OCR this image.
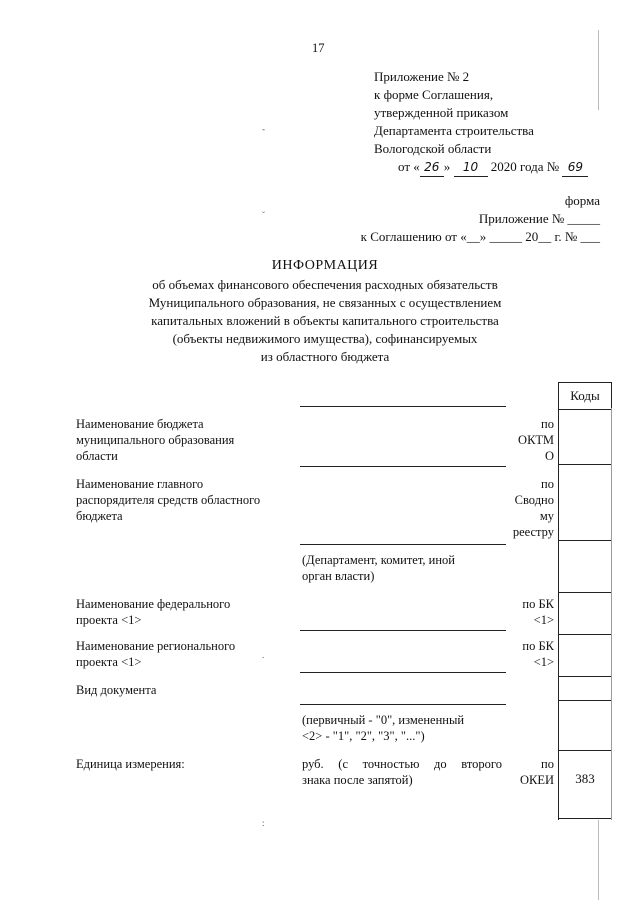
17
Приложение № 2
к форме Соглашения,
утвержденной приказом
Департамента строительства
Вологодской области
от « 26 » 10 2020 года № 69
-
˘
форма
Приложение № _____
к Соглашению от «__» _____ 20__ г. № ___
ИНФОРМАЦИЯ
об объемах финансового обеспечения расходных обязательств
Муниципального образования, не связанных с осуществлением
капитальных вложений в объекты капитального строительства
(объекты недвижимого имущества), софинансируемых
из областного бюджета
Коды
Наименование бюджета
муниципального образования
области
по
ОКТМ
О
Наименование главного
распорядителя средств областного
бюджета
по
Сводно
му
реестру
(Департамент, комитет, иной
орган власти)
Наименование федерального
проекта <1>
по БК
<1>
Наименование регионального
проекта <1>
по БК
<1>
Вид документа
(первичный - "0", измененный
<2> - "1", "2", "3", "...")
Единица измерения:	руб. (с точностью до второго
знака после запятой)
по
ОКЕИ	383
.
:
